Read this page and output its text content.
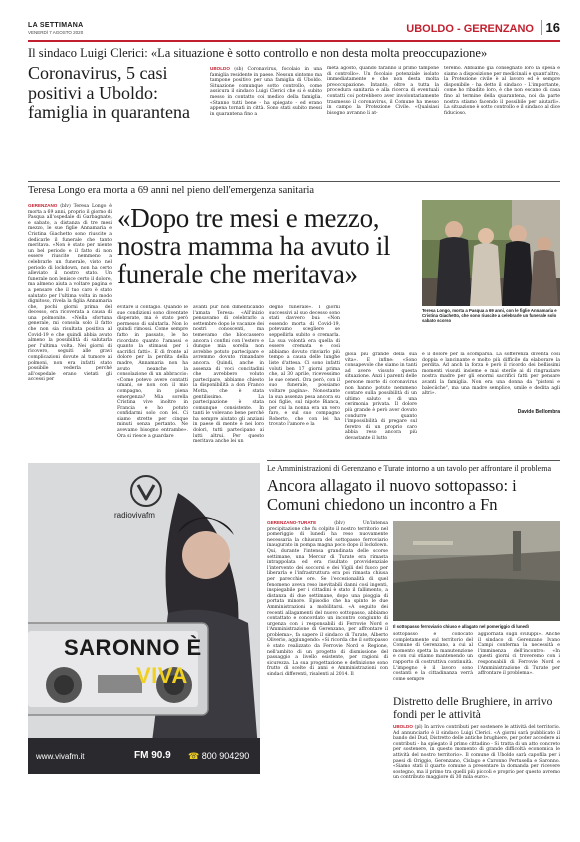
LA SETTIMANA
VENERDÌ 7 AGOSTO 2020	UBOLDO - GERENZANO 16
Il sindaco Luigi Clerici: «La situazione è sotto controllo e non desta molta preoccupazione»
Coronavirus, 5 casi positivi a Uboldo: famiglia in quarantena
UBOLDO (sb) Coronavirus, focolaio in una famiglia residente in paese. Nessun sintomo ma tampone positivo per una famiglia di Uboldo. Situazione comunque sotto controllo, come assicura il sindaco Luigi Clerici che si è subito messo in contatto coi medico della famiglia. «Stanno tutti bene - ha spiegato - ed erano appena tornati in città. Sono stati subito messi in quarantena fino a
metà agosto, quando faranno il primo tampone di controllo». Un focolaio potenziale isolato immediatamente e che non desta molta preoccupazione. Intanto, oltre a tutta la procedura sanitaria e alla ricerca di eventuali contatti coi potrebbero aver involontariamente trasmesso il coronavirus, il Comune ha messo in campo la Protezione Civile. «Qualsiasi bisogno avranno li at-
teremo. Abbiamo già consegnato loro la spesa e siamo a disposizione per medicinali e quant'altro, la Protezione civile è al lavoro ed è sempre disponibile - ha detto il sindaco - L'importante, come ho ribadito loro, è che non escano di casa fino al termine della quarantena, noi da parte nostra stiamo facendo il possibile per aiutarli». La situazione è sotto controllo e il sindaco al dice fiducioso.
Teresa Longo era morta a 69 anni nel pieno dell'emergenza sanitaria
GERENZANO (blv) Teresa Longo è morta a 69 anni, proprio il giorno di Pasqua all'ospedale di Garbagnate, e sabato, a distanza di tre mesi mezzo, le sue figlie Annamaria e Cristina Giachetto sono riuscite a dedicarle il funerale che tanto meritava. «Non è stato per niente un bel periodo e il fatto di non essere riuscite nemmeno a celebrarle un funerale, visto nel periodo di lockdown, non ha certo alleviato il nostro stato. Un funerale non lenisce certo il dolore, ma almeno aiuta a voltare pagina e a pensare che il tuo caro è stato salutato per l'ultima volta in modo dignitoso, rivela la figlia Annamaria che, pochi giorni prima del decesso, era ricoverata a causa di una polmonite. «Nella sfortuna generale, mi consola solo il fatto che non sia risultata positiva al Covid-19 e che quindi abbia avuto almeno la possibilità di salutarla per l'ultima volta. Nei giorni di ricovero, seguiti alle gravi complicazioni dovute al tumore ai polmoni, non era infatti stato possibile vederla perché all'ospedale erano vietati gli accessi per
«Dopo tre mesi e mezzo, nostra mamma ha avuto il funerale che meritava»
evitare il contagio. Quando le sue condizioni sono diventate disperate, ma è stato però permesso di salutarla. Non lo quindi rimossi. Come sempre fatto in passato, le ho ricordato quanto l'amassi e quanto la stimassi per i sacrifici fatti». E di fronte al dolore per la perdita della madre, Annamaria non ha avuto neanche la consolazione di un abbraccio: «Come potevo avere contatti umani, se non con il mio compagno, in piena emergenza? Mia sorella Cristina vive inoltre in Francia e ho potuto confidarmi solo con lei. Ci siamo strette per cinque minuti senza pertanto. Ne avevamo bisogno entrambe». Ora si riesce a guardare
avanti pur non dimenticando l'amata Teresa: «All'inizio pensavamo di celebrarlo a settembre dopo le vacanze dei nostri conoscenti, ma temevamo che bloccassero ancora i confini con l'estero e dunque mia sorella non avrebbe potuto partecipare e avremmo dovuto rimandare ancora. Quindi, anche in assenza di voci concitadini che avrebbero voluto partecipare, abbiamo chiesto la disponibilità a don Franco Motta, che è stata gentilissimo. La partecipazione è stata comunque consistente. In tanti le volevano bene perché ha sempre aiutato gli anziani in paese di mente è nei loro dolori, tutti partecipano ai lutti altrui. Per questo meritava anche lei un
degno funerale». I giorni successivi al suo decesso sono stati davvero bui: «Non essendo morta di Covid-19, potevamo scegliere se seppellirla subito o cremarla. La sua volontà era quella di essere cremata e così abbiamo dovuto rinviarlo più tempo a causa delle lunghe liste d'attesa. Ci sono infatti voluti ben 17 giorni prima che, al 30 aprile, ricevessimo le sue ceneri. Ora però, con il suo funerale, possiamo voltare pagina». Nonostante la sua assenza pesa ancora su noi figlie, sul nipote Bianca, per cui la nonna era un vero faro, e sul suo compagno Roberto, che con lei ha trovato l'amore e la
gioia più grande della sua vita». E infine: «Sono consapevole che siamo in tanti ad avere vissuto questa situazione. Anzi i parenti delle persone morte di coronavirus non hanno potuto nemmeno contare sulla possibilità di un ultimo saluto o di una cerimonia privata. Il dolore più grande è però aver dovuto condurre quanto l'impossibilità di pregare sul feretro di un proprio caro abbia reso ancora più devastante il lutto
e il dolore per la scomparsa. La sofferenza diventa così doppia e lancinante e molto più difficile da elaborare la perdita. Ad anch la forza è però il ricordo dei bellissimi momenti vissuti insieme e mai sterile ai di ringraziare nostra madre per gli enormi sacrifici fatti per pensare avanti la famiglia. Non era una donna da "pistoni e baleciiche", ma una madre semplice, umile e dedita agli altri».
Teresa Longo, morta a Pasqua a 69 anni, con le figlie Annamaria e Cristina Giachetto, che sono riuscite a celebrarle un funerale solo sabato scorso
Davide Bellombra
radiovivafm
SARONNO È
VIVA
www.vivafm.it	FM 90.9 ☎ 800 904290
Le Amministrazioni di Gerenzano e Turate intorno a un tavolo per affrontare il problema
Ancora allagato il nuovo sottopasso: i Comuni chiedono un incontro a Fn
GERENZANO-TURATE	(blv) Un'intensa precipitazione che fu colpito il nostro territorio nel pomeriggio di lunedì ha reso nuovamente necessaria la chiusura del sottopasso ferroviario inaugurato in pompa magna poco dopo il lockdown. Qui, durante l'intensa grandinata delle scorse settimane, una Mercur di Turate era rimasta intrappolata ed era risultato provvidenziale l'intervento dei soccorsi e dei Vigili del fuoco per liberarla e l'infrastruttura era poi rimasta chiusa per parecchie ore. Se l'eccezionalità di quel fenomeno aveva reso inevitabili danni così ingenti, inspiegabile per i cittadini è stato il fallimento, a distanza di due settimane, dopo una pioggia di portata minore. Episodio che ha spinto le due Amministrazioni a mobilitarsi. «A seguito dei recenti allagamenti del nuovo sottopasso, abbiamo contattato e concordato un incontro congiunto di urgenza con i responsabili di Ferrovie Nord e l'Amministrazione di Gerenzano, per affrontare il problema», fa sapere il sindaco di Turate, Alberto Oliverio, aggiungendo: «Si ricorda che il sottopasso è stato realizzato da Ferrovie Nord e Regione, nell'ambito di un progetto di dismissione del passaggio a livello esistente, per ragioni di sicurezza. La sua progettazione e definizione sono frutto di scelte di anni e Amministrazioni con sindaci differenti, risalenti al 2014. Il
Il sottopasso ferroviario chiuso e allagato nel pomeriggio di lunedì
sottopasso è collocato completamente sul territorio del Comune di Gerenzano, a cui al momento spetta la manutenzione e con cui stiamo mantenendo un rapporto di costruttiva continuità. L'impegno è il lavoro sono costanti e la cittadinanza verrà come sempre
aggiornata sugli sviluppi». Anche il sindaco di Gerenzano Ivano Campi conferma la necessità e l'imminenza dell'incontro: «In questi giorni ci troveremo con i responsabili di Ferrovie Nord e l'Amministrazione di Turate per affrontare il problema».
Distretto delle Brughiere, in arrivo fondi per le attività
UBOLDO (pl) In arrivo contributi per sostenere le attività del territorio. Ad annunciarlo è il sindaco Luigi Clerici. «A giorni sarà pubblicato il bando del Dud, Distretto delle antiche brughiere, per poter accedere ai contributi - ha spiegato il primo cittadino - Si tratta di un atto concreto per sostenere, in questo momento di grande difficoltà economica le attività del nostro territorio». Il comune di Uboldo sarà capofila per i paesi di Origgio, Gerenzano, Cislago e Caronno Pertusella e Saronno. «Siamo stati il quarto comune a presentare la domanda per ricevere sostegno, ma il primo tra quelli più piccoli e proprio per questo avremo un contributo maggiore di 30 mila euro».
